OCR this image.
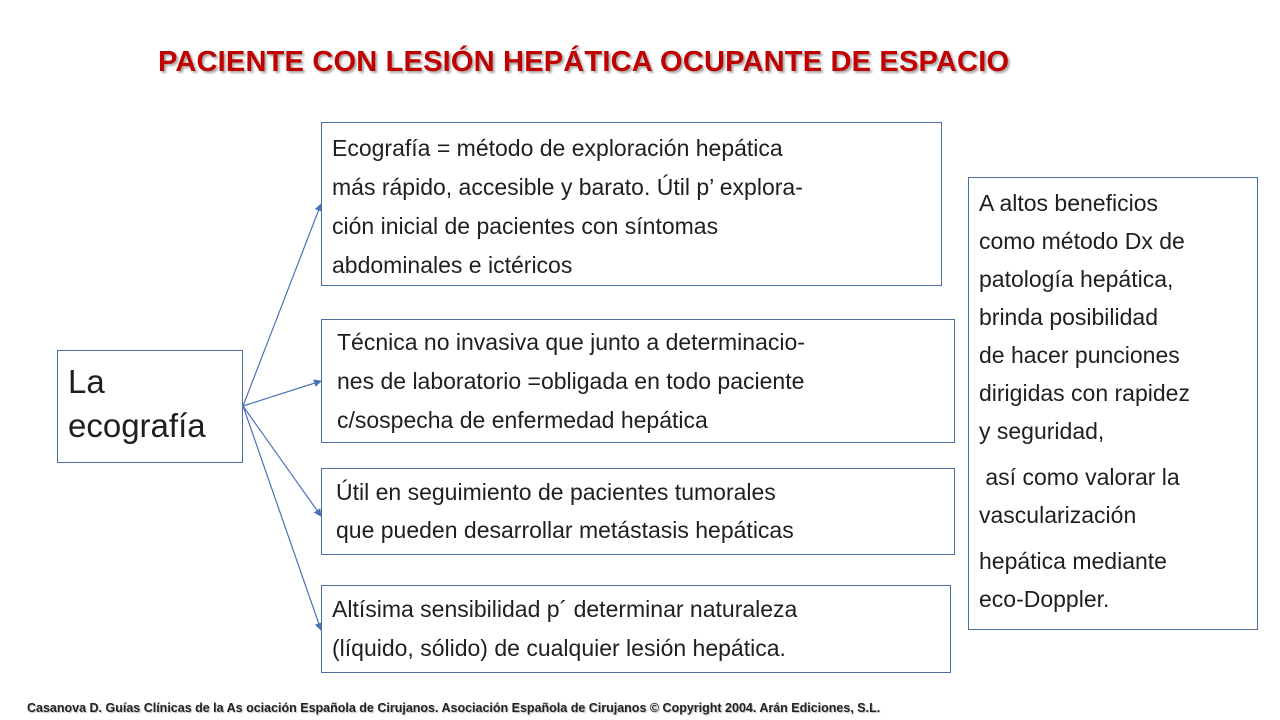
PACIENTE CON LESIÓN HEPÁTICA OCUPANTE DE ESPACIO
La
ecografía
Ecografía = método de exploración hepática
más rápido, accesible y barato. Útil p’ explora-
ción inicial de pacientes con síntomas
abdominales e ictéricos
Técnica no invasiva que junto a determinacio-
nes de laboratorio =obligada en todo paciente
c/sospecha de enfermedad hepática
Útil en seguimiento de pacientes tumorales
que pueden desarrollar metástasis hepáticas
Altísima sensibilidad p´ determinar naturaleza
(líquido, sólido) de cualquier lesión hepática.
A altos beneficios
como método Dx de
patología hepática,
brinda posibilidad
de hacer punciones
dirigidas con rapidez
y seguridad,
así como valorar la
vascularización
hepática mediante
eco-Doppler.
Casanova D. Guías Clínicas de la As ociación Española de Cirujanos. Asociación Española de Cirujanos © Copyright 2004. Arán Ediciones, S.L.
